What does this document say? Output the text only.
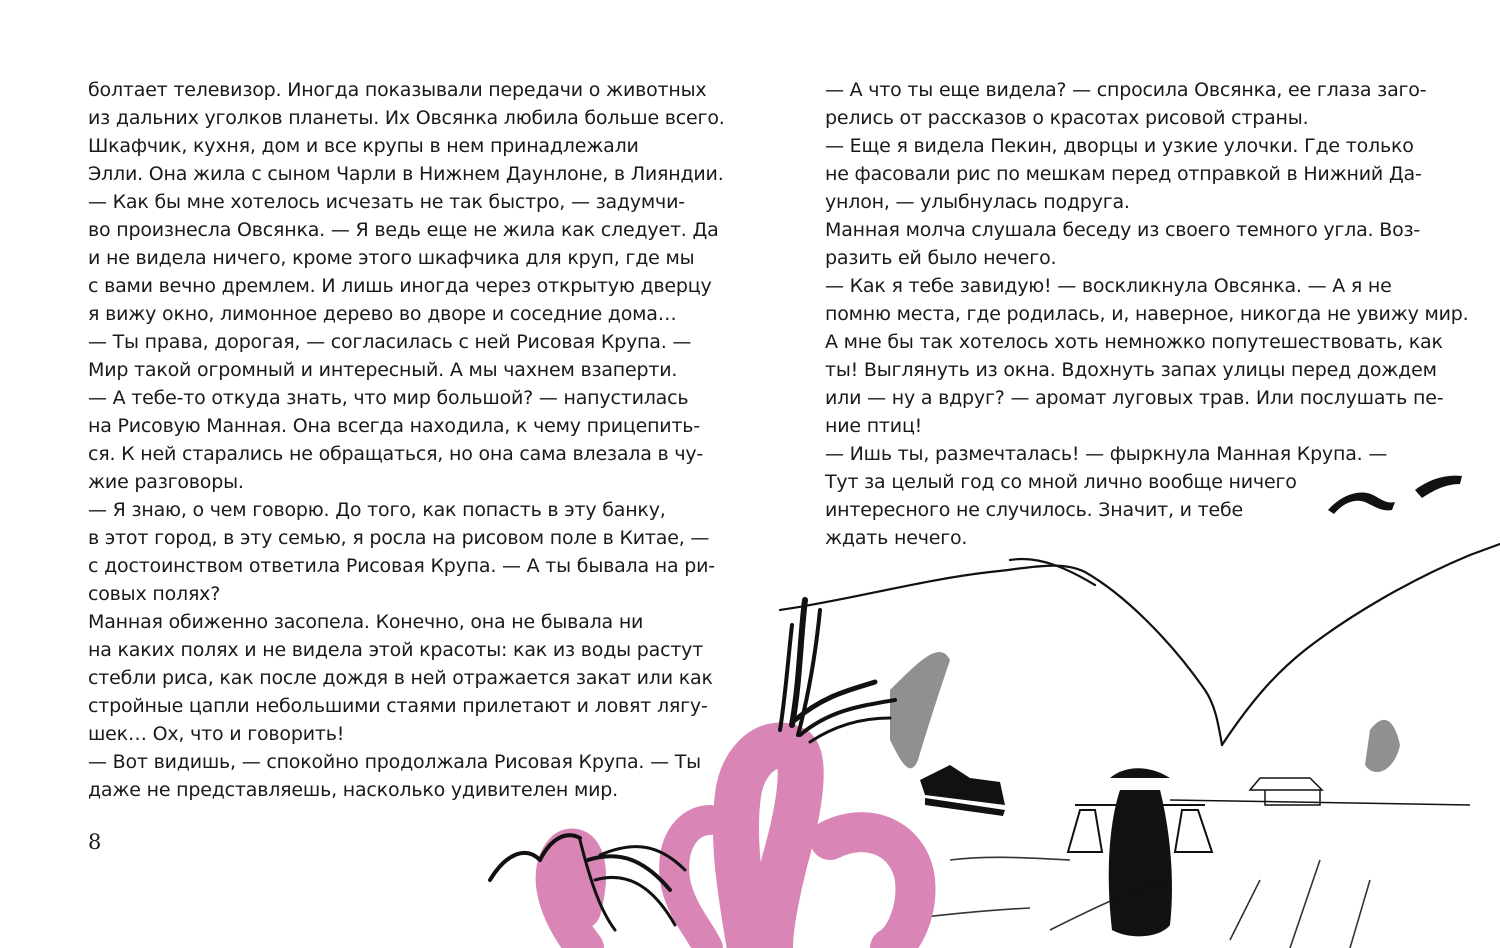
болтает телевизор. Иногда показывали передачи о животных
из дальних уголков планеты. Их Овсянка любила больше всего.
Шкафчик, кухня, дом и все крупы в нем принадлежали
Элли. Она жила с сыном Чарли в Нижнем Даунлоне, в Лияндии.
— Как бы мне хотелось исчезать не так быстро, — задумчи-
во произнесла Овсянка. — Я ведь еще не жила как следует. Да
и не видела ничего, кроме этого шкафчика для круп, где мы
с вами вечно дремлем. И лишь иногда через открытую дверцу
я вижу окно, лимонное дерево во дворе и соседние дома…
— Ты права, дорогая, — согласилась с ней Рисовая Крупа. —
Мир такой огромный и интересный. А мы чахнем взаперти.
— А тебе-то откуда знать, что мир большой? — напустилась
на Рисовую Манная. Она всегда находила, к чему прицепить-
ся. К ней старались не обращаться, но она сама влезала в чу-
жие разговоры.
— Я знаю, о чем говорю. До того, как попасть в эту банку,
в этот город, в эту семью, я росла на рисовом поле в Китае, —
с достоинством ответила Рисовая Крупа. — А ты бывала на ри-
совых полях?
Манная обиженно засопела. Конечно, она не бывала ни
на каких полях и не видела этой красоты: как из воды растут
стебли риса, как после дождя в ней отражается закат или как
стройные цапли небольшими стаями прилетают и ловят лягу-
шек… Ох, что и говорить!
— Вот видишь, — спокойно продолжала Рисовая Крупа. — Ты
даже не представляешь, насколько удивителен мир.
8
— А что ты еще видела? — спросила Овсянка, ее глаза заго-
релись от рассказов о красотах рисовой страны.
— Еще я видела Пекин, дворцы и узкие улочки. Где только
не фасовали рис по мешкам перед отправкой в Нижний Да-
унлон, — улыбнулась подруга.
Манная молча слушала беседу из своего темного угла. Воз-
разить ей было нечего.
— Как я тебе завидую! — воскликнула Овсянка. — А я не
помню места, где родилась, и, наверное, никогда не увижу мир.
А мне бы так хотелось хоть немножко попутешествовать, как
ты! Выглянуть из окна. Вдохнуть запах улицы перед дождем
или — ну а вдруг? — аромат луговых трав. Или послушать пе-
ние птиц!
— Ишь ты, размечталась! — фыркнула Манная Крупа. —
Тут за целый год со мной лично вообще ничего
интересного не случилось. Значит, и тебе
ждать нечего.
